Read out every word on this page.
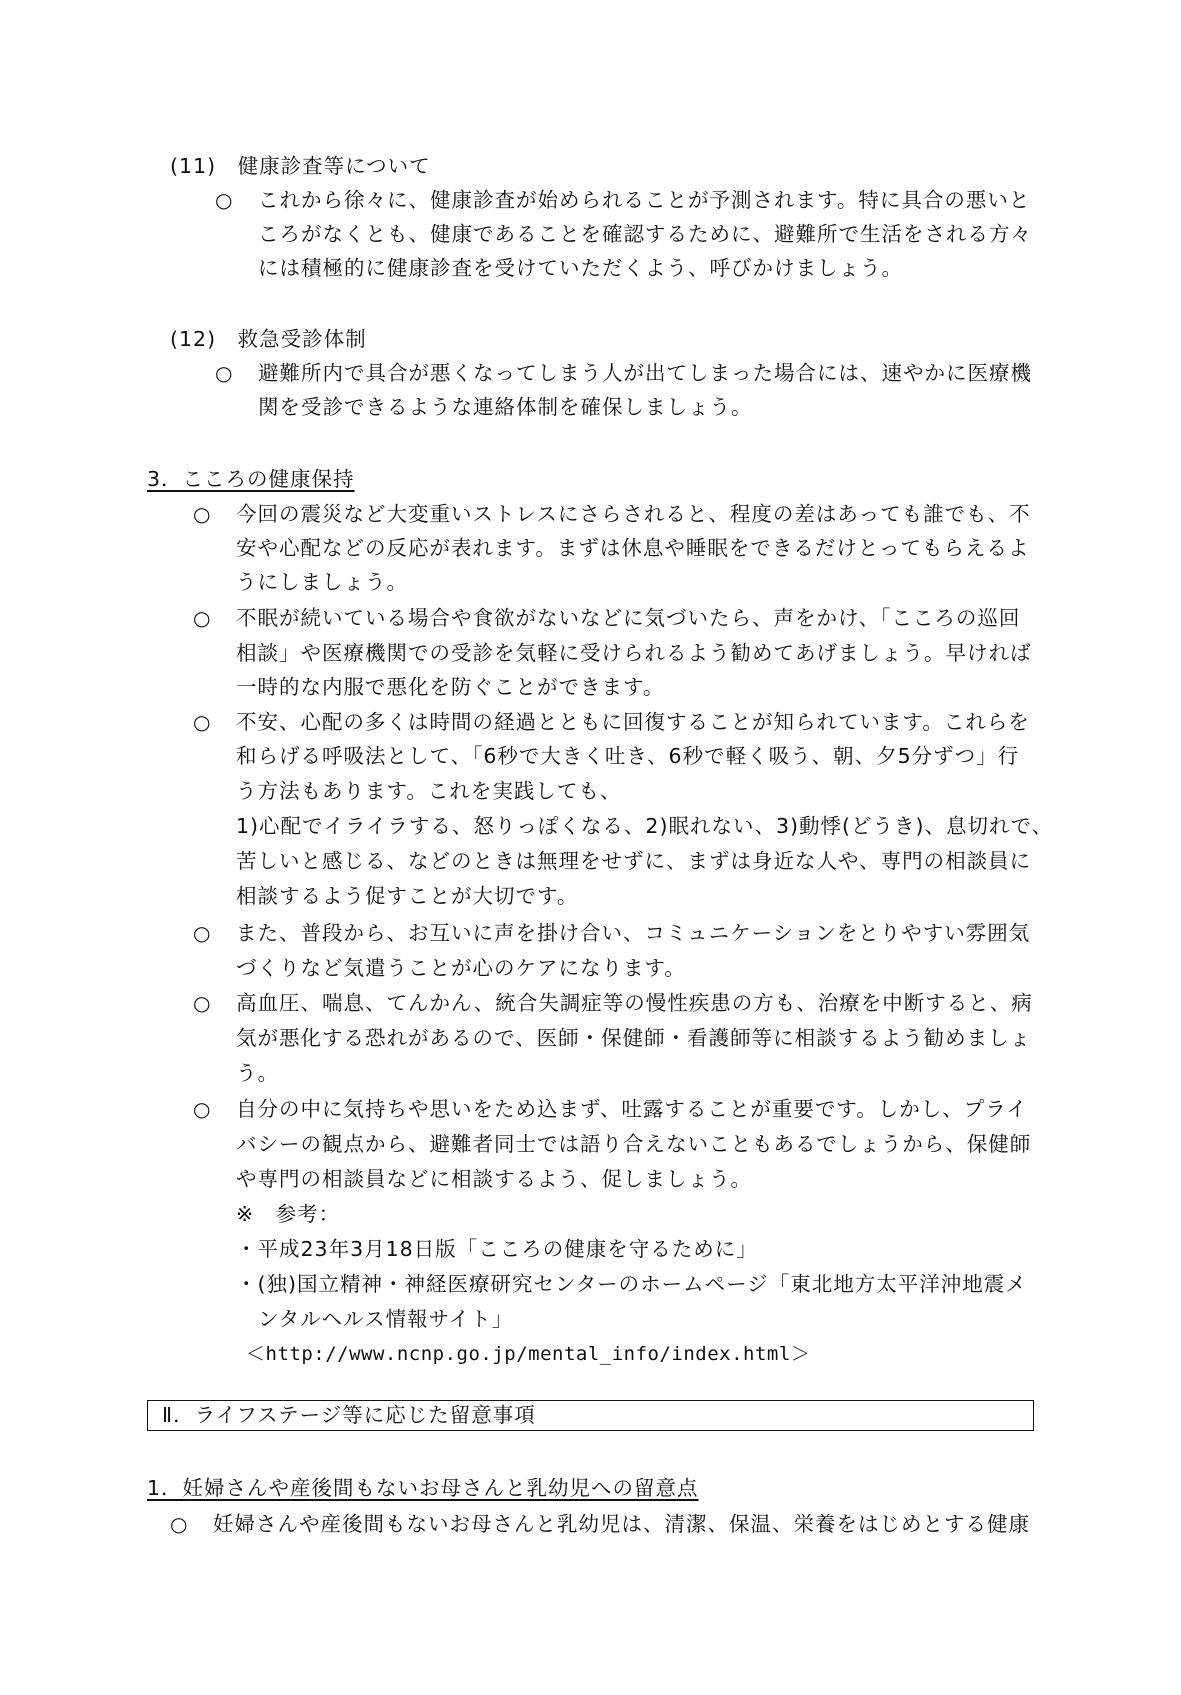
(11)　健康診査等について
○ これから徐々に、健康診査が始められることが予測されます。特に具合の悪いと
ころがなくとも、健康であることを確認するために、避難所で生活をされる方々
には積極的に健康診査を受けていただくよう、呼びかけましょう。
(12)　救急受診体制
○ 避難所内で具合が悪くなってしまう人が出てしまった場合には、速やかに医療機
関を受診できるような連絡体制を確保しましょう。
3．こころの健康保持
○ 今回の震災など大変重いストレスにさらされると、程度の差はあっても誰でも、不
安や心配などの反応が表れます。まずは休息や睡眠をできるだけとってもらえるよ
うにしましょう。
○ 不眠が続いている場合や食欲がないなどに気づいたら、声をかけ、「こころの巡回
相談」や医療機関での受診を気軽に受けられるよう勧めてあげましょう。早ければ
一時的な内服で悪化を防ぐことができます。
○ 不安、心配の多くは時間の経過とともに回復することが知られています。これらを
和らげる呼吸法として、「6秒で大きく吐き、6秒で軽く吸う、朝、夕5分ずつ」行
う方法もあります。これを実践しても、
1)心配でイライラする、怒りっぽくなる、2)眠れない、3)動悸(どうき)、息切れで、
苦しいと感じる、などのときは無理をせずに、まずは身近な人や、専門の相談員に
相談するよう促すことが大切です。
○ また、普段から、お互いに声を掛け合い、コミュニケーションをとりやすい雰囲気
づくりなど気遣うことが心のケアになります。
○ 高血圧、喘息、てんかん、統合失調症等の慢性疾患の方も、治療を中断すると、病
気が悪化する恐れがあるので、医師・保健師・看護師等に相談するよう勧めましょ
う。
○ 自分の中に気持ちや思いをため込まず、吐露することが重要です。しかし、プライ
バシーの観点から、避難者同士では語り合えないこともあるでしょうから、保健師
や専門の相談員などに相談するよう、促しましょう。
※　参考：
・平成23年3月18日版「こころの健康を守るために」
・(独)国立精神・神経医療研究センターのホームページ「東北地方太平洋沖地震メ
ンタルヘルス情報サイト」
＜http://www.ncnp.go.jp/mental_info/index.html＞
Ⅱ．ライフステージ等に応じた留意事項
1．妊婦さんや産後間もないお母さんと乳幼児への留意点
○ 妊婦さんや産後間もないお母さんと乳幼児は、清潔、保温、栄養をはじめとする健康
